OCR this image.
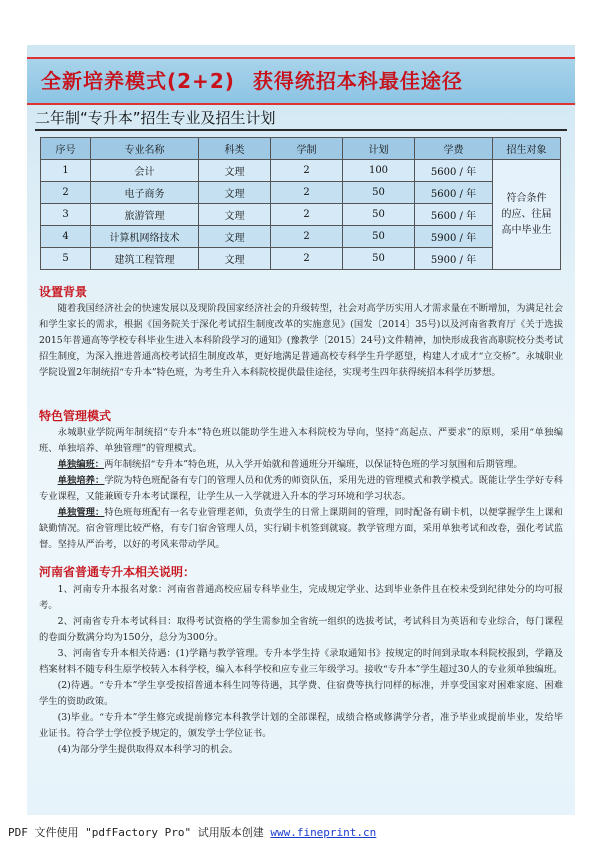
全新培养模式(2+2) 获得统招本科最佳途径
二年制“专升本”招生专业及招生计划
序号	专业名称	科类	学制	计划	学费	招生对象
1	会计	文理	2	100	5600 / 年	符合条件
的应、往届
高中毕业生

2	电子商务	文理	2	50	5600 / 年	
3	旅游管理	文理	2	50	5600 / 年	
4	计算机网络技术	文理	2	50	5900 / 年	
5	建筑工程管理	文理	2	50	5900 / 年	
设置背景

随着我国经济社会的快速发展以及现阶段国家经济社会的升级转型，社会对高学历实用人才需求量在不断增加，为满足社会和学生家长的需求，根据《国务院关于深化考试招生制度改革的实施意见》(国发〔2014〕35号)以及河南省教育厅《关于选拔2015年普通高等学校专科毕业生进入本科阶段学习的通知》(豫教学〔2015〕24号)文件精神，加快形成我省高职院校分类考试招生制度，为深入推进普通高校考试招生制度改革，更好地满足普通高校专科学生升学愿望，构建人才成才“立交桥”。永城职业学院设置2年制统招“专升本”特色班，为考生升入本科院校提供最佳途径，实现考生四年获得统招本科学历梦想。

特色管理模式

永城职业学院两年制统招“专升本”特色班以能助学生进入本科院校为导向，坚持“高起点、严要求”的原则，采用“单独编班、单独培养、单独管理”的管理模式。

单独编班：两年制统招“专升本”特色班，从入学开始就和普通班分开编班，以保证特色班的学习氛围和后期管理。

单独培养：学院为特色班配备有专门的管理人员和优秀的师资队伍，采用先进的管理模式和教学模式。既能让学生学好专科专业课程，又能兼顾专升本考试课程，让学生从一入学就进入升本的学习环境和学习状态。

单独管理：特色班每班配有一名专业管理老师，负责学生的日常上课期间的管理，同时配备有刷卡机，以便掌握学生上课和缺勤情况。宿舍管理比较严格，有专门宿舍管理人员，实行刷卡机签到就寝。教学管理方面，采用单独考试和改卷，强化考试监督。坚持从严治考，以好的考风来带动学风。

河南省普通专升本相关说明：

1、河南专升本报名对象：河南省普通高校应届专科毕业生，完成规定学业、达到毕业条件且在校未受到纪律处分的均可报考。

2、河南省专升本考试科目：取得考试资格的学生需参加全省统一组织的选拔考试，考试科目为英语和专业综合，每门课程的卷面分数满分均为150分，总分为300分。

3、河南省专升本相关待遇：(1)学籍与教学管理。专升本学生持《录取通知书》按规定的时间到录取本科院校报到，学籍及档案材料不随专科生原学校转入本科学校，编入本科学校和应专业三年级学习。接收“专升本”学生超过30人的专业须单独编班。

(2)待遇。“专升本”学生享受按招普通本科生同等待遇，其学费、住宿费等执行同样的标准，并享受国家对困难家庭、困难学生的资助政策。

(3)毕业。“专升本”学生修完或提前修完本科教学计划的全部课程，成绩合格或修满学分者，准予毕业或提前毕业，发给毕业证书。符合学士学位授予规定的，颁发学士学位证书。

(4)为部分学生提供取得双本科学习的机会。

PDF 文件使用 "pdfFactory Pro" 试用版本创建 www.fineprint.cn
